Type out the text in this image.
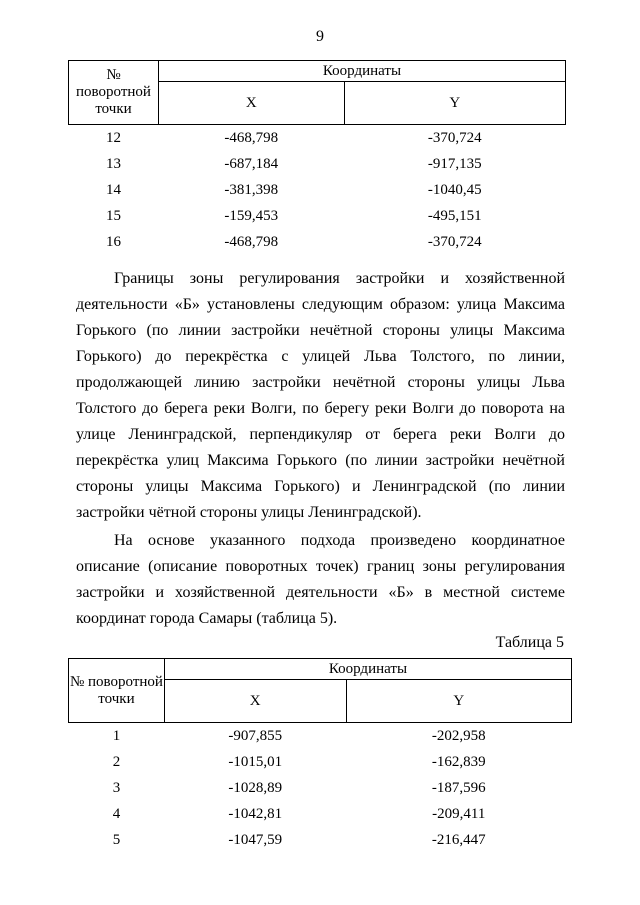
9
№ поворотной точки	Координаты	
	X	Y
12	-468,798	-370,724
13	-687,184	-917,135
14	-381,398	-1040,45
15	-159,453	-495,151
16	-468,798	-370,724

Границы зоны регулирования застройки и хозяйственной деятельности «Б» установлены следующим образом: улица Максима Горького (по линии застройки нечётной стороны улицы Максима Горького) до перекрёстка с улицей Льва Толстого, по линии, продолжающей линию застройки нечётной стороны улицы Льва Толстого до берега реки Волги, по берегу реки Волги до поворота на улице Ленинградской, перпендикуляр от берега реки Волги до перекрёстка улиц Максима Горького (по линии застройки нечётной стороны улицы Максима Горького) и Ленинградской (по линии застройки чётной стороны улицы Ленинградской).

На основе указанного подхода произведено координатное описание (описание поворотных точек) границ зоны регулирования застройки и хозяйственной деятельности «Б» в местной системе координат города Самары (таблица 5).

Таблица 5
№ поворотной точки	Координаты	
	X	Y
1	-907,855	-202,958
2	-1015,01	-162,839
3	-1028,89	-187,596
4	-1042,81	-209,411
5	-1047,59	-216,447
